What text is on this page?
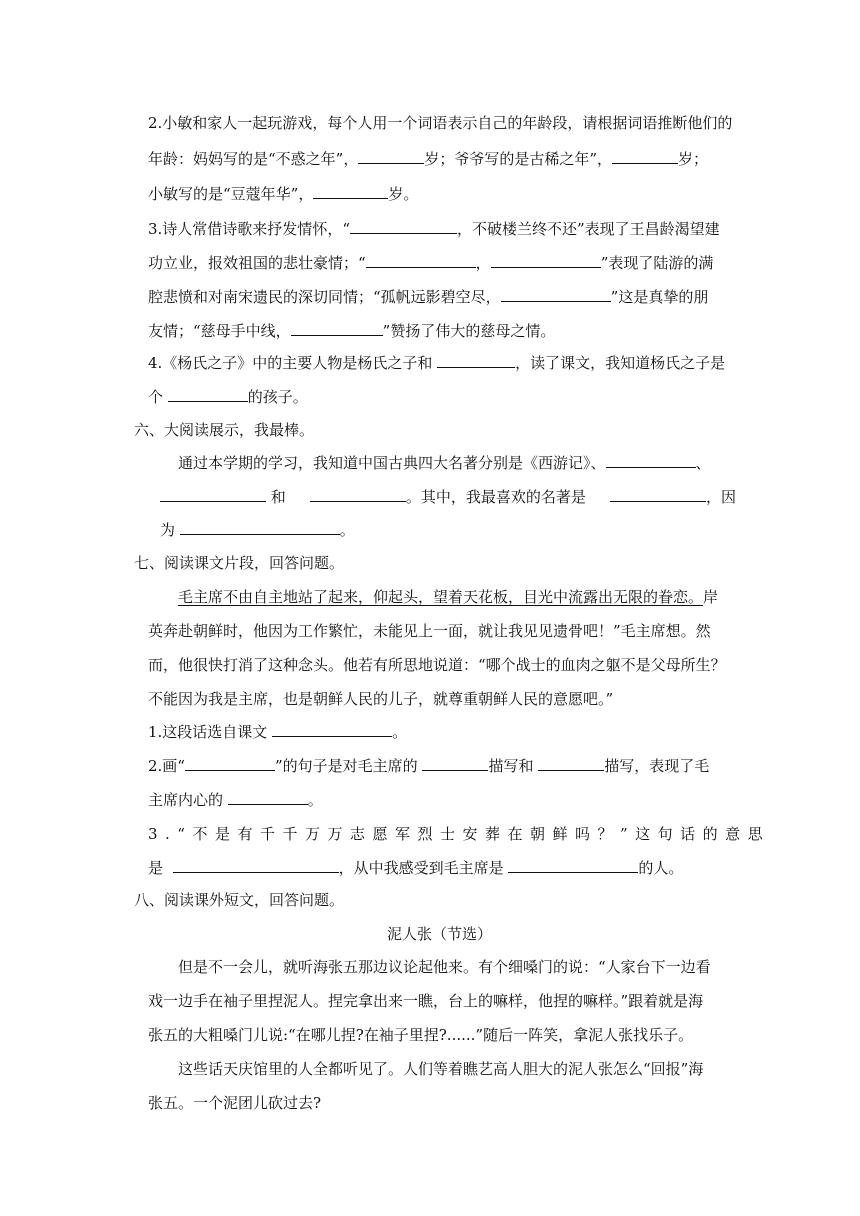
2.小敏和家人一起玩游戏，每个人用一个词语表示自己的年龄段，请根据词语推断他们的
年龄：妈妈写的是“不惑之年”，	岁；爷爷写的是古稀之年”，	岁；
小敏写的是“豆蔻年华”，	岁。
3.诗人常借诗歌来抒发情怀，“	，不破楼兰终不还”表现了王昌龄渴望建
功立业，报效祖国的悲壮豪情；“	，	”表现了陆游的满
腔悲愤和对南宋遗民的深切同情；“孤帆远影碧空尽，	”这是真挚的朋
友情；“慈母手中线，	”赞扬了伟大的慈母之情。
4.《杨氏之子》中的主要人物是杨氏之子和	，读了课文，我知道杨氏之子是
个	的孩子。
六、大阅读展示，我最棒。
通过本学期的学习，我知道中国古典四大名著分别是《西游记》、	、
和	。其中，我最喜欢的名著是	，因
为	。
七、阅读课文片段，回答问题。
毛主席不由自主地站了起来，仰起头，望着天花板，目光中流露出无限的眷恋。岸
英奔赴朝鲜时，他因为工作繁忙，未能见上一面，就让我见见遗骨吧！”毛主席想。然
而，他很快打消了这种念头。他若有所思地说道：“哪个战士的血肉之躯不是父母所生？
不能因为我是主席，也是朝鲜人民的儿子，就尊重朝鲜人民的意愿吧。”
1.这段话选自课文	。
2.画“	”的句子是对毛主席的	描写和	描写，表现了毛
主席内心的	。
3.“不是有千千万万志愿军烈士安葬在朝鲜吗？”这句话的意思
是	，从中我感受到毛主席是	的人。
八、阅读课外短文，回答问题。
泥人张（节选）
但是不一会儿，就听海张五那边议论起他来。有个细嗓门的说：“人家台下一边看
戏一边手在袖子里捏泥人。捏完拿出来一瞧，台上的嘛样，他捏的嘛样。”跟着就是海
张五的大粗嗓门儿说:“在哪儿捏?在袖子里捏?......”随后一阵笑，拿泥人张找乐子。
这些话天庆馆里的人全都听见了。人们等着瞧艺高人胆大的泥人张怎么“回报”海
张五。一个泥团儿砍过去?
